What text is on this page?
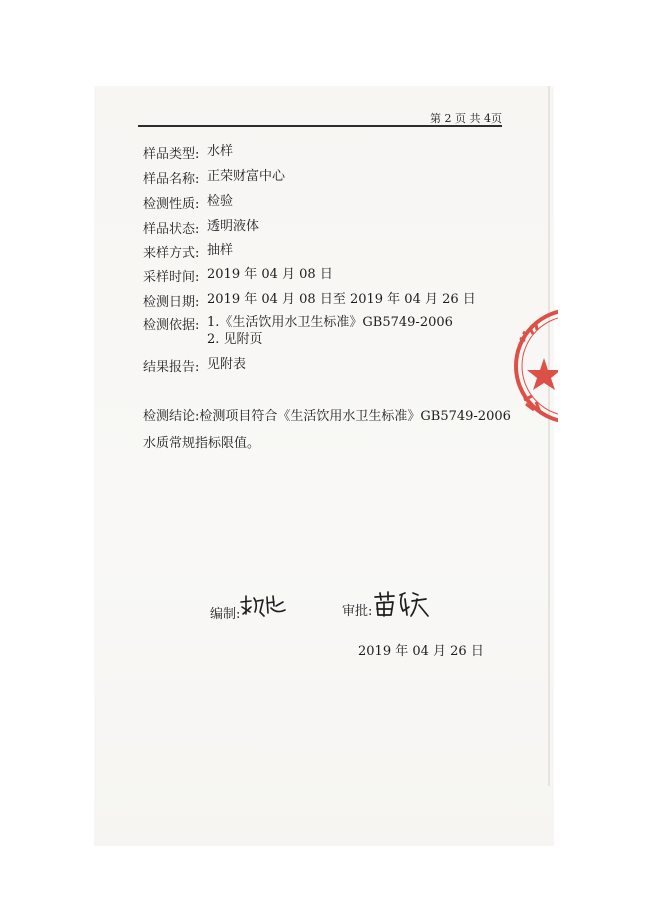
第 2 页 共 4页
样品类型: 水样
样品名称: 正荣财富中心
检测性质: 检验
样品状态: 透明液体
来样方式: 抽样
采样时间: 2019 年 04 月 08 日
检测日期: 2019 年 04 月 08 日至 2019 年 04 月 26 日
检测依据: 1.《生活饮用水卫生标准》GB5749-2006
2. 见附页
结果报告: 见附表
检测结论:检测项目符合《生活饮用水卫生标准》GB5749-2006
水质常规指标限值。
编制:	审批:
2019 年 04 月 26 日
